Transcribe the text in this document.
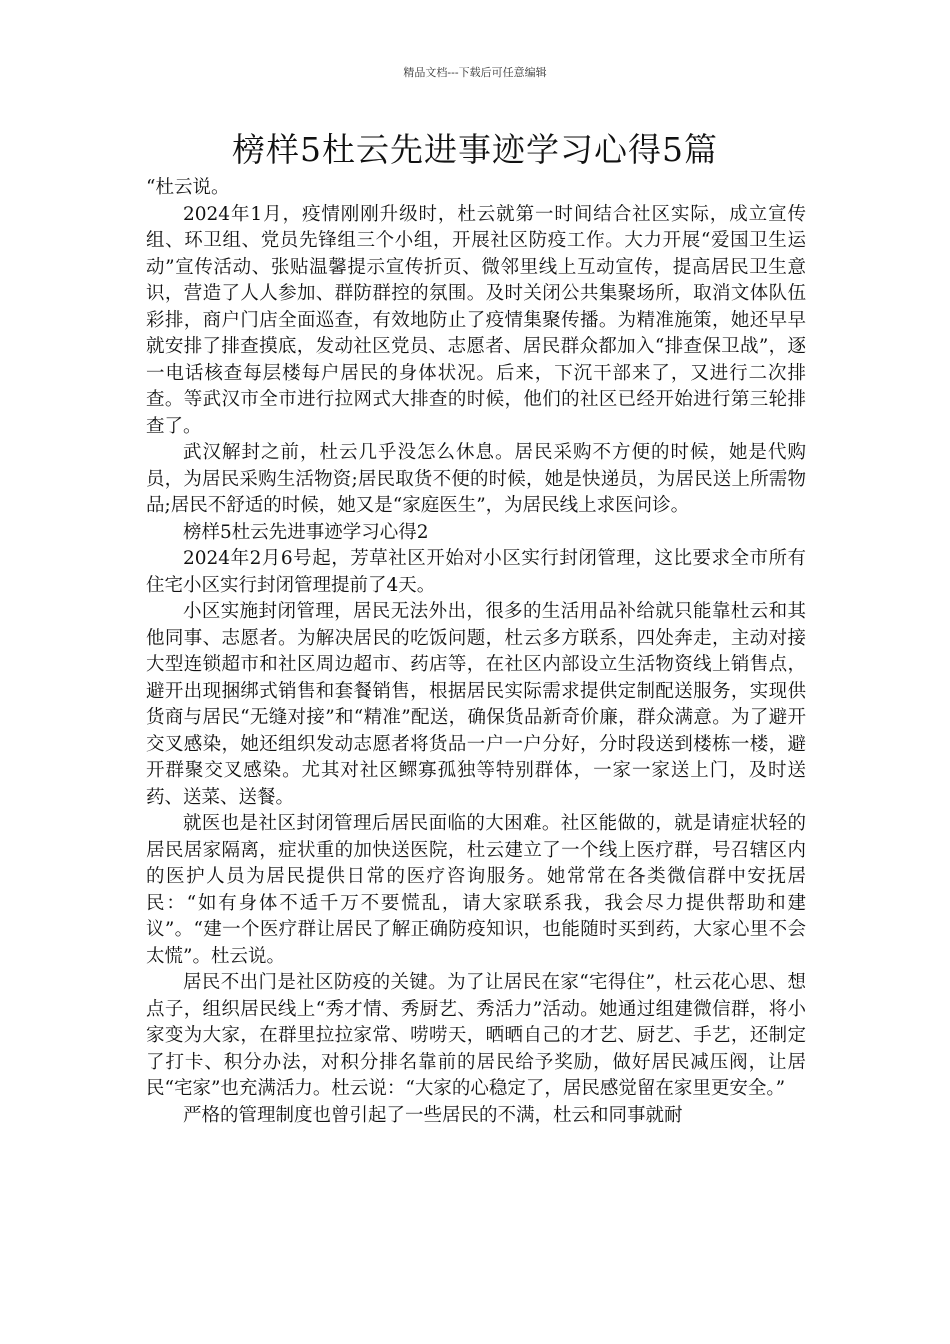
精品文档---下载后可任意编辑
榜样5杜云先进事迹学习心得5篇

“杜云说。

2024年1月，疫情刚刚升级时，杜云就第一时间结合社区实际，成立宣传组、环卫组、党员先锋组三个小组，开展社区防疫工作。大力开展“爱国卫生运动”宣传活动、张贴温馨提示宣传折页、微邻里线上互动宣传，提高居民卫生意识，营造了人人参加、群防群控的氛围。及时关闭公共集聚场所，取消文体队伍彩排，商户门店全面巡查，有效地防止了疫情集聚传播。为精准施策，她还早早就安排了排查摸底，发动社区党员、志愿者、居民群众都加入“排查保卫战”，逐一电话核查每层楼每户居民的身体状况。后来，下沉干部来了，又进行二次排查。等武汉市全市进行拉网式大排查的时候，他们的社区已经开始进行第三轮排查了。

武汉解封之前，杜云几乎没怎么休息。居民采购不方便的时候，她是代购员，为居民采购生活物资;居民取货不便的时候，她是快递员，为居民送上所需物品;居民不舒适的时候，她又是“家庭医生”，为居民线上求医问诊。

榜样5杜云先进事迹学习心得2

2024年2月6号起，芳草社区开始对小区实行封闭管理，这比要求全市所有住宅小区实行封闭管理提前了4天。

小区实施封闭管理，居民无法外出，很多的生活用品补给就只能靠杜云和其他同事、志愿者。为解决居民的吃饭问题，杜云多方联系，四处奔走，主动对接大型连锁超市和社区周边超市、药店等，在社区内部设立生活物资线上销售点，避开出现捆绑式销售和套餐销售，根据居民实际需求提供定制配送服务，实现供货商与居民“无缝对接”和“精准”配送，确保货品新奇价廉，群众满意。为了避开交叉感染，她还组织发动志愿者将货品一户一户分好，分时段送到楼栋一楼，避开群聚交叉感染。尤其对社区鳏寡孤独等特别群体，一家一家送上门，及时送药、送菜、送餐。

就医也是社区封闭管理后居民面临的大困难。社区能做的，就是请症状轻的居民居家隔离，症状重的加快送医院，杜云建立了一个线上医疗群，号召辖区内的医护人员为居民提供日常的医疗咨询服务。她常常在各类微信群中安抚居民：“如有身体不适千万不要慌乱，请大家联系我，我会尽力提供帮助和建议”。“建一个医疗群让居民了解正确防疫知识，也能随时买到药，大家心里不会太慌”。杜云说。

居民不出门是社区防疫的关键。为了让居民在家“宅得住”，杜云花心思、想点子，组织居民线上“秀才情、秀厨艺、秀活力”活动。她通过组建微信群，将小家变为大家，在群里拉拉家常、唠唠天，晒晒自己的才艺、厨艺、手艺，还制定了打卡、积分办法，对积分排名靠前的居民给予奖励，做好居民减压阀，让居民“宅家”也充满活力。杜云说：“大家的心稳定了，居民感觉留在家里更安全。”

严格的管理制度也曾引起了一些居民的不满，杜云和同事就耐
